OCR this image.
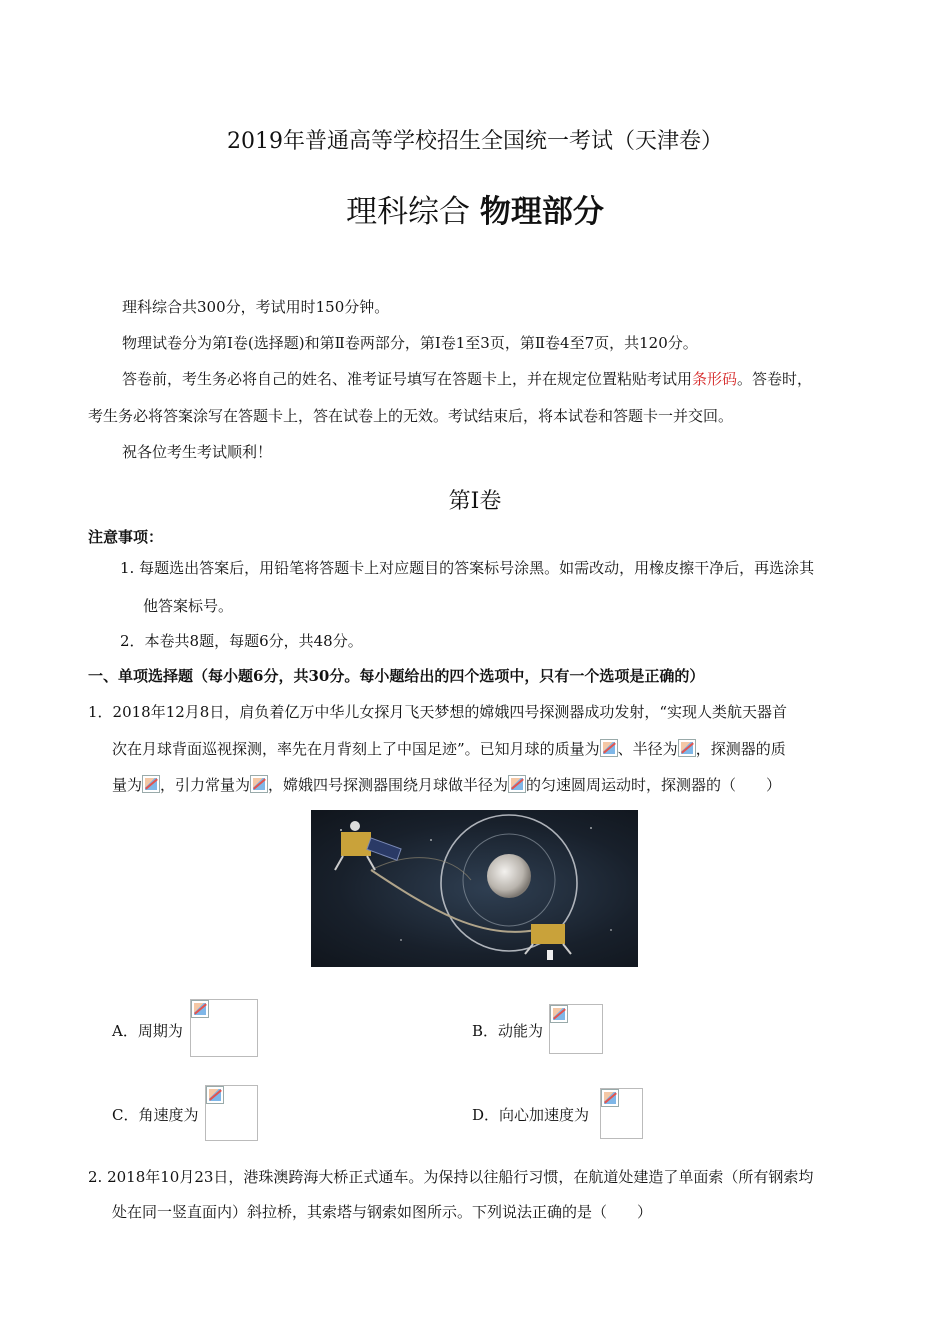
2019年普通高等学校招生全国统一考试（天津卷）
理科综合 物理部分
理科综合共300分，考试用时150分钟。
物理试卷分为第Ⅰ卷(选择题)和第Ⅱ卷两部分，第Ⅰ卷1至3页，第Ⅱ卷4至7页，共120分。
答卷前，考生务必将自己的姓名、准考证号填写在答题卡上，并在规定位置粘贴考试用条形码。答卷时，
考生务必将答案涂写在答题卡上，答在试卷上的无效。考试结束后，将本试卷和答题卡一并交回。
祝各位考生考试顺利！
第Ⅰ卷
注意事项：
1. 每题选出答案后，用铅笔将答题卡上对应题目的答案标号涂黑。如需改动，用橡皮擦干净后，再选涂其
他答案标号。
2．本卷共8题，每题6分，共48分。
一、单项选择题（每小题6分，共30分。每小题给出的四个选项中，只有一个选项是正确的）
1．2018年12月8日，肩负着亿万中华儿女探月飞天梦想的嫦娥四号探测器成功发射，“实现人类航天器首
次在月球背面巡视探测，率先在月背刻上了中国足迹”。已知月球的质量为 、半径为 ，探测器的质
量为 ，引力常量为 ，嫦娥四号探测器围绕月球做半径为 的匀速圆周运动时，探测器的（　　）
A．周期为	B．动能为
C．角速度为	D．向心加速度为
2. 2018年10月23日，港珠澳跨海大桥正式通车。为保持以往船行习惯，在航道处建造了单面索（所有钢索均
处在同一竖直面内）斜拉桥，其索塔与钢索如图所示。下列说法正确的是（　　）
